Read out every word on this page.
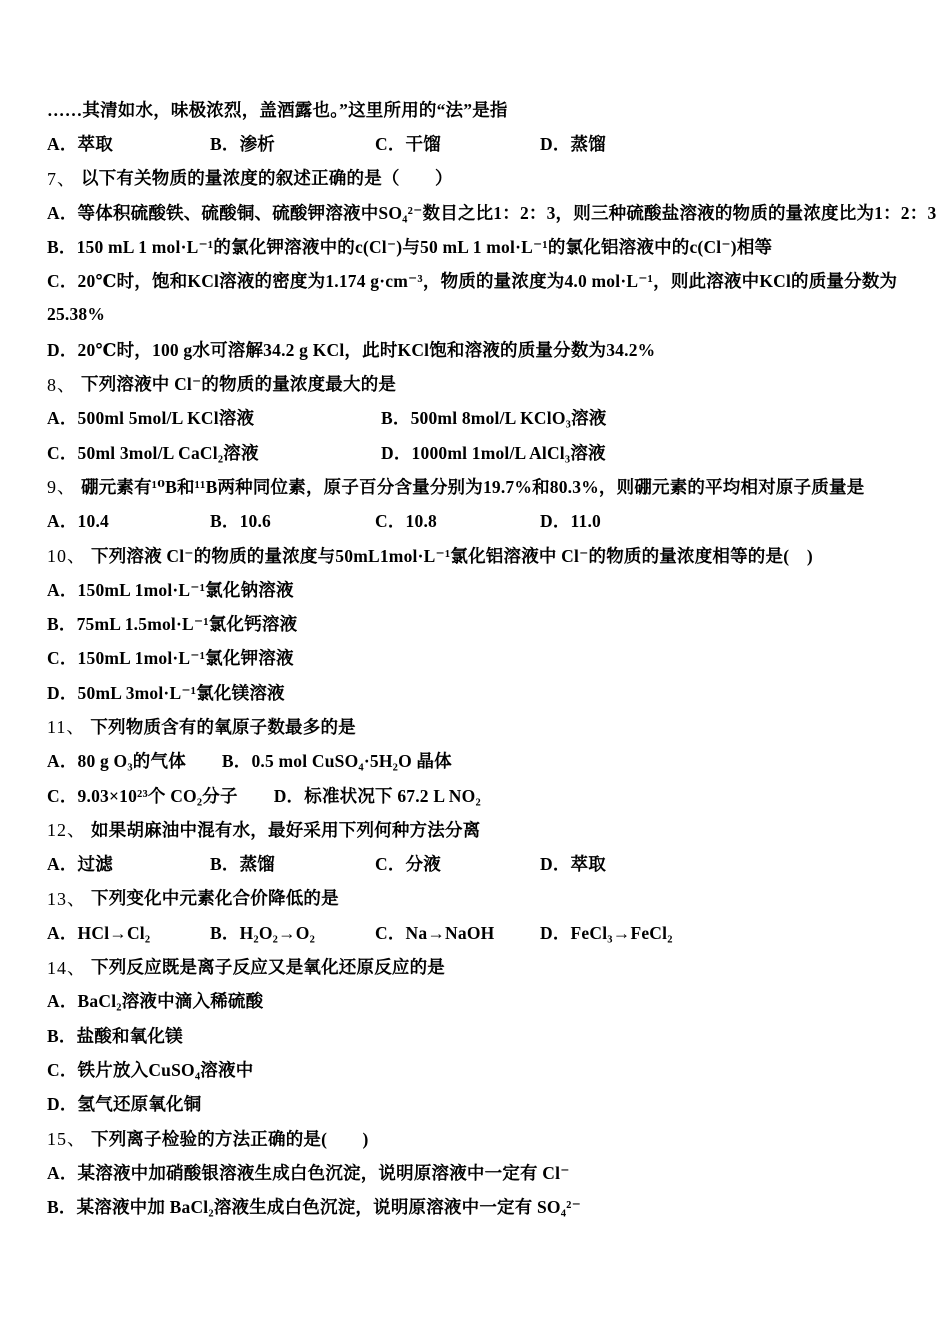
……其清如水，味极浓烈，盖酒露也。”这里所用的“法”是指
A．萃取	B．渗析	C．干馏	D．蒸馏
7、 以下有关物质的量浓度的叙述正确的是（　　）
A．等体积硫酸铁、硫酸铜、硫酸钾溶液中SO₄²⁻数目之比1：2：3，则三种硫酸盐溶液的物质的量浓度比为1：2：3
B．150 mL 1 mol·L⁻¹的氯化钾溶液中的c(Cl⁻)与50 mL 1 mol·L⁻¹的氯化铝溶液中的c(Cl⁻)相等
C．20℃时，饱和KCl溶液的密度为1.174 g·cm⁻³，物质的量浓度为4.0 mol·L⁻¹，则此溶液中KCl的质量分数为
25.38%
D．20℃时，100 g水可溶解34.2 g KCl，此时KCl饱和溶液的质量分数为34.2%
8、 下列溶液中 Cl⁻的物质的量浓度最大的是
A．500ml 5mol/L KCl溶液	B．500ml 8mol/L KClO₃溶液
C．50ml 3mol/L CaCl₂溶液	D．1000ml 1mol/L AlCl₃溶液
9、 硼元素有¹⁰B和¹¹B两种同位素，原子百分含量分别为19.7%和80.3%，则硼元素的平均相对原子质量是
A．10.4	B．10.6	C．10.8	D．11.0
10、 下列溶液 Cl⁻的物质的量浓度与50mL1mol·L⁻¹氯化铝溶液中 Cl⁻的物质的量浓度相等的是(　)
A．150mL 1mol·L⁻¹氯化钠溶液
B．75mL 1.5mol·L⁻¹氯化钙溶液
C．150mL 1mol·L⁻¹氯化钾溶液
D．50mL 3mol·L⁻¹氯化镁溶液
11、 下列物质含有的氧原子数最多的是
A．80 g O₃的气体 B．0.5 mol CuSO₄·5H₂O 晶体
C．9.03×10²³个 CO₂分子 D．标准状况下 67.2 L NO₂
12、 如果胡麻油中混有水，最好采用下列何种方法分离
A．过滤	B．蒸馏	C．分液	D．萃取
13、 下列变化中元素化合价降低的是
A．HCl→Cl₂	B．H₂O₂→O₂	C．Na→NaOH	D．FeCl₃→FeCl₂
14、 下列反应既是离子反应又是氧化还原反应的是
A．BaCl₂溶液中滴入稀硫酸
B．盐酸和氧化镁
C．铁片放入CuSO₄溶液中
D．氢气还原氧化铜
15、 下列离子检验的方法正确的是(　　)
A．某溶液中加硝酸银溶液生成白色沉淀，说明原溶液中一定有 Cl⁻
B．某溶液中加 BaCl₂溶液生成白色沉淀，说明原溶液中一定有 SO₄²⁻
